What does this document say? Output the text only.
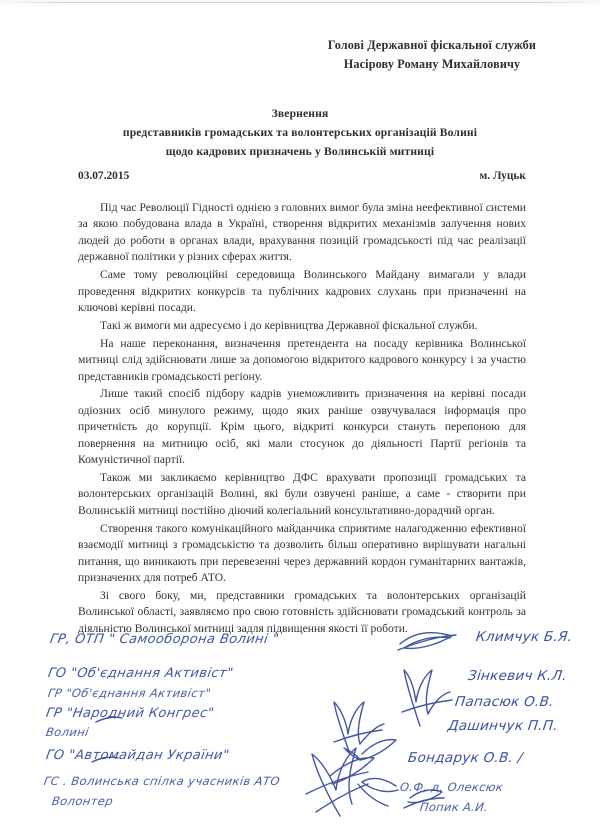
Голові Державної фіскальної служби
Насірову Роману Михайловичу
Звернення
представників громадських та волонтерських організацій Волині
щодо кадрових призначень у Волинській митниці
03.07.2015	м. Луцьк

Під час Революції Гідності однією з головних вимог була зміна неефективної системи за якою побудована влада в Україні, створення відкритих механізмів залучення нових людей до роботи в органах влади, врахування позицій громадськості під час реалізації державної політики у різних сферах життя.

Саме тому революційні середовища Волинського Майдану вимагали у влади проведення відкритих конкурсів та публічних кадрових слухань при призначенні на ключові керівні посади.

Такі ж вимоги ми адресуємо і до керівництва Державної фіскальної служби.

На наше переконання, визначення претендента на посаду керівника Волинської митниці слід здійснювати лише за допомогою відкритого кадрового конкурсу і за участю представників громадськості регіону.

Лише такий спосіб підбору кадрів унеможливить призначення на керівні посади одіозних осіб минулого режиму, щодо яких раніше озвучувалася інформація про причетність до корупції. Крім цього, відкриті конкурси стануть перепоною для повернення на митницю осіб, які мали стосунок до діяльності Партії регіонів та Комуністичної партії.

Також ми закликаємо керівництво ДФС врахувати пропозиції громадських та волонтерських організацій Волині, які були озвучені раніше, а саме - створити при Волинській митниці постійно діючий колегіальний консультативно-дорадчий орган.

Створення такого комунікаційного майданчика сприятиме налагодженню ефективної взаємодії митниці з громадськістю та дозволить більш оперативно вирішувати нагальні питання, що виникають при перевезенні через державний кордон гуманітарних вантажів, призначених для потреб АТО.

Зі свого боку, ми, представники громадських та волонтерських організацій Волинської області, заявляємо про свою готовність здійснювати громадський контроль за діяльністю Волинської митниці задля підвищення якості її роботи.

ГР, ОТП " Самооборона Волині "
ГО "Об'єднання Активіст"
ГР "Об'єднання Активіст"
ГР "Народний Конгрес"
Волині
ГО "Автомайдан України"
ГС . Волинська спілка учасників АТО
Волонтер
Климчук Б.Я.
Зінкевич К.Л.
Папасюк О.В.
Дашинчук П.П.
Бондарук О.В. /
О.Ф. д. Олексюк
Попик А.И.
